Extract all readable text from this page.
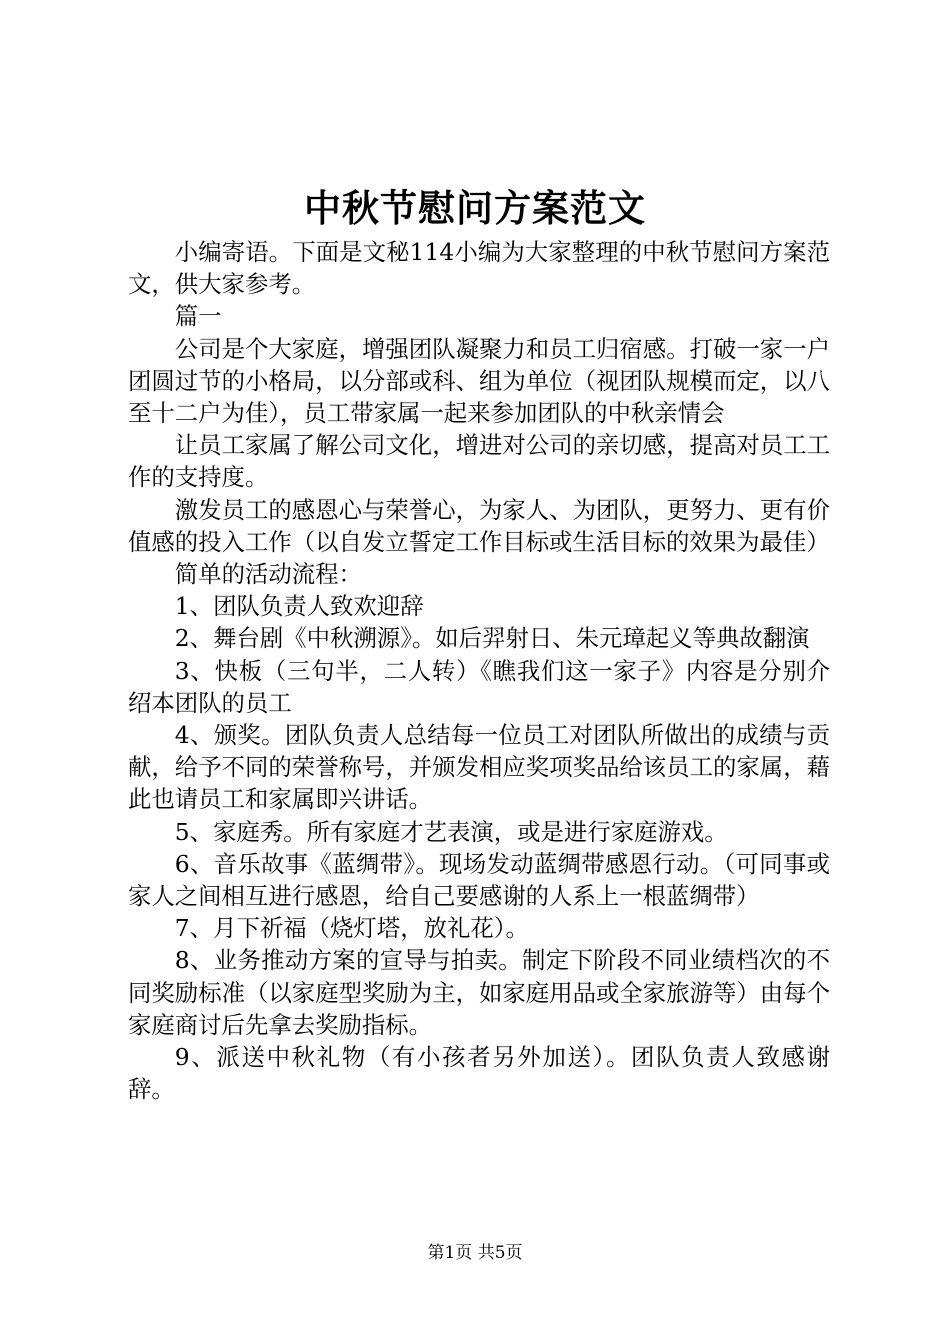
中秋节慰问方案范文

小编寄语。下面是文秘114小编为大家整理的中秋节慰问方案范文，供大家参考。

篇一

公司是个大家庭，增强团队凝聚力和员工归宿感。打破一家一户团圆过节的小格局，以分部或科、组为单位（视团队规模而定，以八至十二户为佳），员工带家属一起来参加团队的中秋亲情会

让员工家属了解公司文化，增进对公司的亲切感，提高对员工工作的支持度。

激发员工的感恩心与荣誉心，为家人、为团队，更努力、更有价值感的投入工作（以自发立誓定工作目标或生活目标的效果为最佳）

简单的活动流程：

1、团队负责人致欢迎辞

2、舞台剧《中秋溯源》。如后羿射日、朱元璋起义等典故翻演

3、快板（三句半，二人转）《瞧我们这一家子》内容是分别介绍本团队的员工

4、颁奖。团队负责人总结每一位员工对团队所做出的成绩与贡献，给予不同的荣誉称号，并颁发相应奖项奖品给该员工的家属，藉此也请员工和家属即兴讲话。

5、家庭秀。所有家庭才艺表演，或是进行家庭游戏。

6、音乐故事《蓝绸带》。现场发动蓝绸带感恩行动。（可同事或家人之间相互进行感恩，给自己要感谢的人系上一根蓝绸带）

7、月下祈福（烧灯塔，放礼花）。

8、业务推动方案的宣导与拍卖。制定下阶段不同业绩档次的不同奖励标准（以家庭型奖励为主，如家庭用品或全家旅游等）由每个家庭商讨后先拿去奖励指标。

9、派送中秋礼物（有小孩者另外加送）。团队负责人致感谢辞。

第1页 共5页
